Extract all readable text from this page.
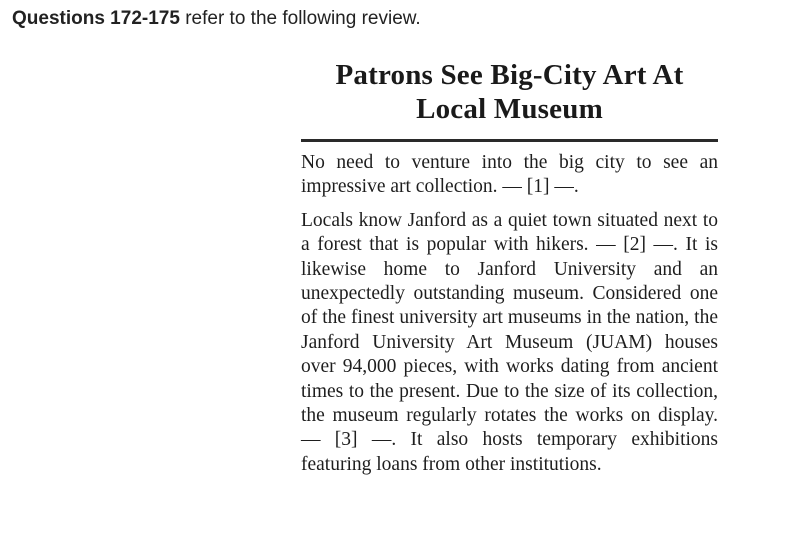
Questions 172-175 refer to the following review.
Patrons See Big-City Art At Local Museum

No need to venture into the big city to see an impressive art collection. — [1] —.

Locals know Janford as a quiet town situated next to a forest that is popular with hikers. — [2] —. It is likewise home to Janford University and an unexpectedly outstanding museum. Considered one of the finest university art museums in the nation, the Janford University Art Museum (JUAM) houses over 94,000 pieces, with works dating from ancient times to the present. Due to the size of its collection, the museum regularly rotates the works on display. — [3] —. It also hosts temporary exhibitions featuring loans from other institutions.
